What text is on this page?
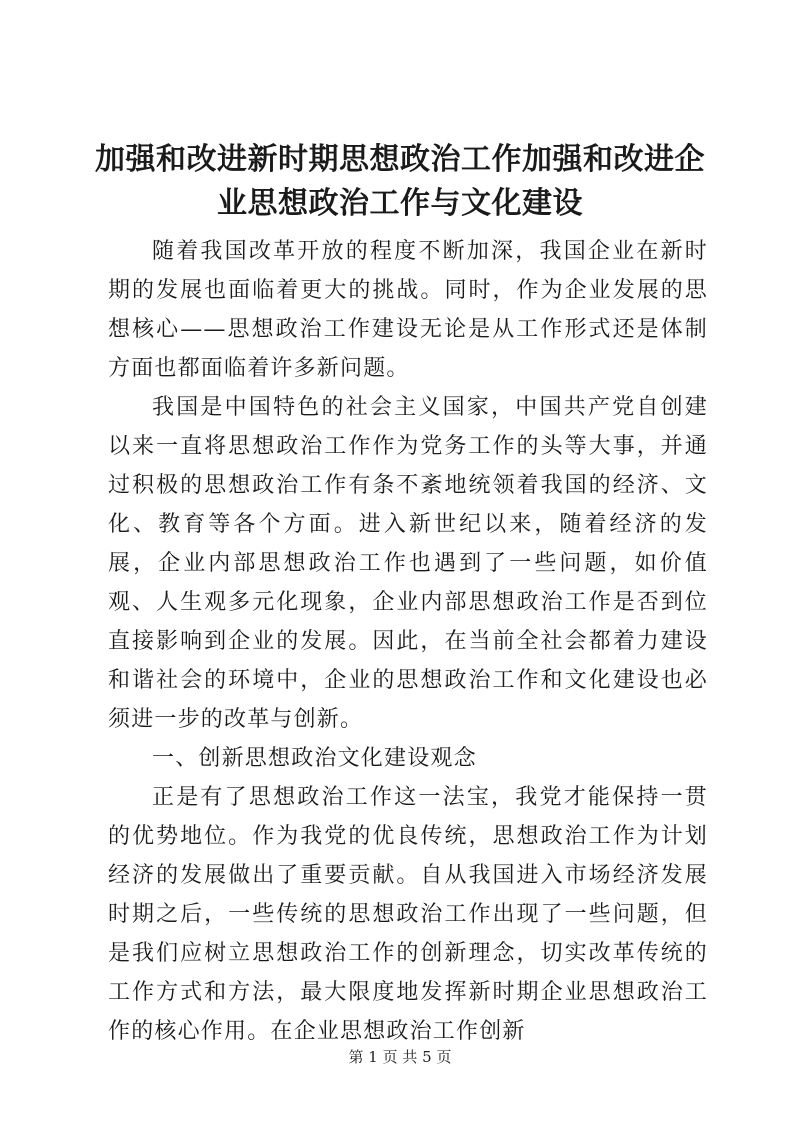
加强和改进新时期思想政治工作加强和改进企
业思想政治工作与文化建设

随着我国改革开放的程度不断加深，我国企业在新时期的发展也面临着更大的挑战。同时，作为企业发展的思想核心——思想政治工作建设无论是从工作形式还是体制方面也都面临着许多新问题。

我国是中国特色的社会主义国家，中国共产党自创建以来一直将思想政治工作作为党务工作的头等大事，并通过积极的思想政治工作有条不紊地统领着我国的经济、文化、教育等各个方面。进入新世纪以来，随着经济的发展，企业内部思想政治工作也遇到了一些问题，如价值观、人生观多元化现象，企业内部思想政治工作是否到位直接影响到企业的发展。因此，在当前全社会都着力建设和谐社会的环境中，企业的思想政治工作和文化建设也必须进一步的改革与创新。

一、创新思想政治文化建设观念

正是有了思想政治工作这一法宝，我党才能保持一贯的优势地位。作为我党的优良传统，思想政治工作为计划经济的发展做出了重要贡献。自从我国进入市场经济发展时期之后，一些传统的思想政治工作出现了一些问题，但是我们应树立思想政治工作的创新理念，切实改革传统的工作方式和方法，最大限度地发挥新时期企业思想政治工作的核心作用。在企业思想政治工作创新

第 1 页 共 5 页
